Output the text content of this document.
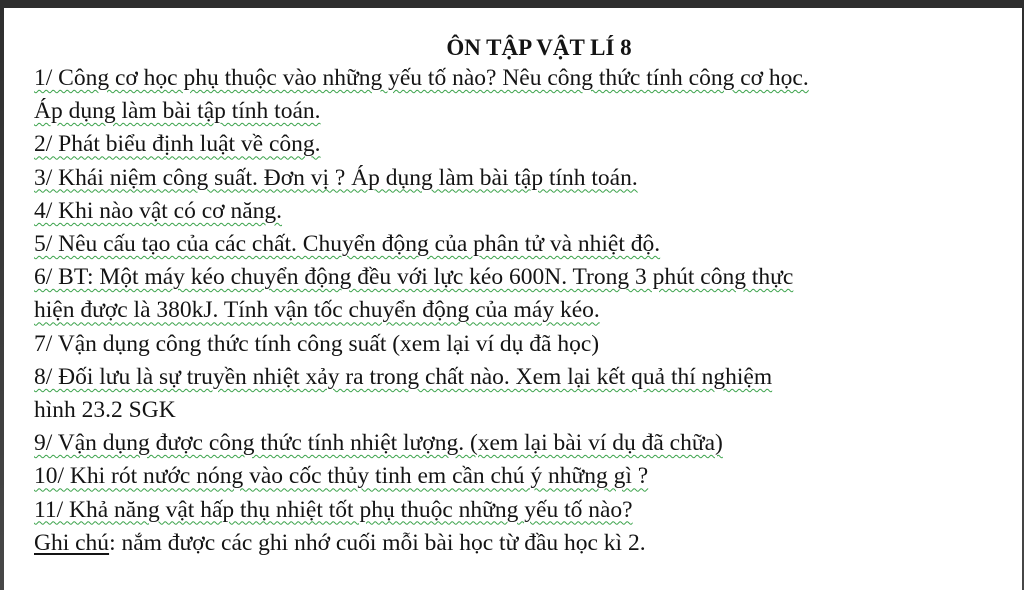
ÔN TẬP VẬT LÍ 8
1/ Công cơ học phụ thuộc vào những yếu tố nào? Nêu công thức tính công cơ học.
Áp dụng làm bài tập tính toán.
2/ Phát biểu định luật về công.
3/ Khái niệm công suất. Đơn vị ? Áp dụng làm bài tập tính toán.
4/ Khi nào vật có cơ năng.
5/ Nêu cấu tạo của các chất. Chuyển động của phân tử và nhiệt độ.
6/ BT: Một máy kéo chuyển động đều với lực kéo 600N. Trong 3 phút công thực
hiện được là 380kJ. Tính vận tốc chuyển động của máy kéo.
7/ Vận dụng công thức tính công suất (xem lại ví dụ đã học)
8/ Đối lưu là sự truyền nhiệt xảy ra trong chất nào. Xem lại kết quả thí nghiệm
hình 23.2 SGK
9/ Vận dụng được công thức tính nhiệt lượng. (xem lại bài ví dụ đã chữa)
10/ Khi rót nước nóng vào cốc thủy tinh em cần chú ý những gì ?
11/ Khả năng vật hấp thụ nhiệt tốt phụ thuộc những yếu tố nào?
Ghi chú: nắm được các ghi nhớ cuối mỗi bài học từ đầu học kì 2.
